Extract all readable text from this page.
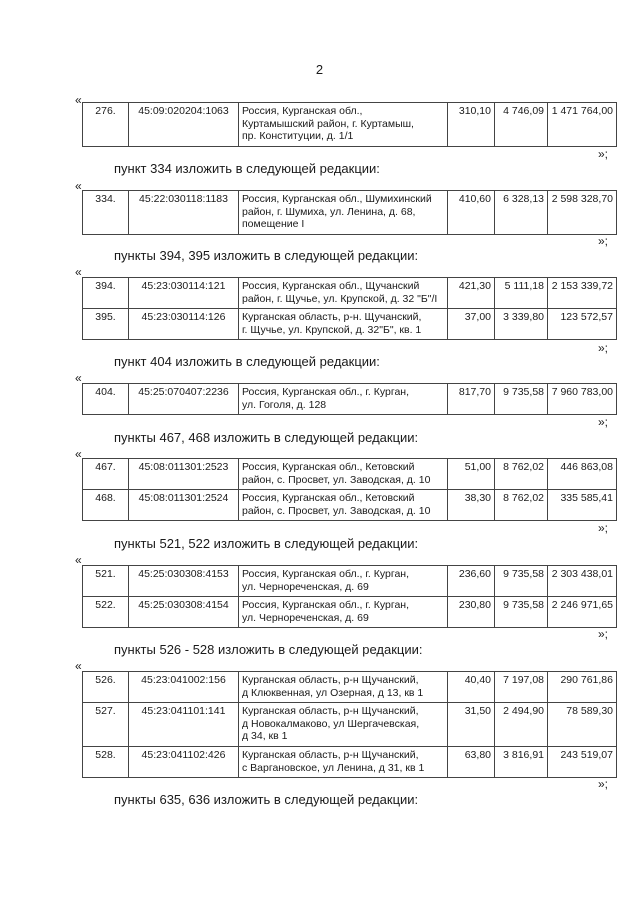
2
«
276.	45:09:020204:1063	Россия, Курганская обл.,
Куртамышский район, г. Куртамыш,
пр. Конституции, д. 1/1
	310,10	4 746,09	1 471 764,00
»;
пункт 334 изложить в следующей редакции:
«
334.	45:22:030118:1183	Россия, Курганская обл., Шумихинский
район, г. Шумиха, ул. Ленина, д. 68,
помещение I
	410,60	6 328,13	2 598 328,70
»;
пункты 394, 395 изложить в следующей редакции:
«
394.	45:23:030114:121	Россия, Курганская обл., Щучанский
район, г. Щучье, ул. Крупской, д. 32 "Б"/I	421,30	5 111,18	2 153 339,72
395.	45:23:030114:126	Курганская область, р-н. Щучанский,
г. Щучье, ул. Крупской, д. 32"Б", кв. 1	37,00	3 339,80	123 572,57
»;
пункт 404 изложить в следующей редакции:
«
404.	45:25:070407:2236	Россия, Курганская обл., г. Курган,
ул. Гоголя, д. 128
	817,70	9 735,58	7 960 783,00
»;
пункты 467, 468 изложить в следующей редакции:
«
467.	45:08:011301:2523	Россия, Курганская обл., Кетовский
район, с. Просвет, ул. Заводская, д. 10	51,00	8 762,02	446 863,08
468.	45:08:011301:2524	Россия, Курганская обл., Кетовский
район, с. Просвет, ул. Заводская, д. 10	38,30	8 762,02	335 585,41
»;
пункты 521, 522 изложить в следующей редакции:
«
521.	45:25:030308:4153	Россия, Курганская обл., г. Курган,
ул. Чернореченская, д. 69	236,60	9 735,58	2 303 438,01
522.	45:25:030308:4154	Россия, Курганская обл., г. Курган,
ул. Чернореченская, д. 69	230,80	9 735,58	2 246 971,65
»;
пункты 526 - 528 изложить в следующей редакции:
«
526.	45:23:041002:156	Курганская область, р-н Щучанский,
д Клюквенная, ул Озерная, д 13, кв 1	40,40	7 197,08	290 761,86
527.	45:23:041101:141	Курганская область, р-н Щучанский,
д Новокалмаково, ул Шергачевская,
д 34, кв 1	31,50	2 494,90	78 589,30
528.	45:23:041102:426	Курганская область, р-н Щучанский,
с Варгановское, ул Ленина, д 31, кв 1	63,80	3 816,91	243 519,07
»;
пункты 635, 636 изложить в следующей редакции:
